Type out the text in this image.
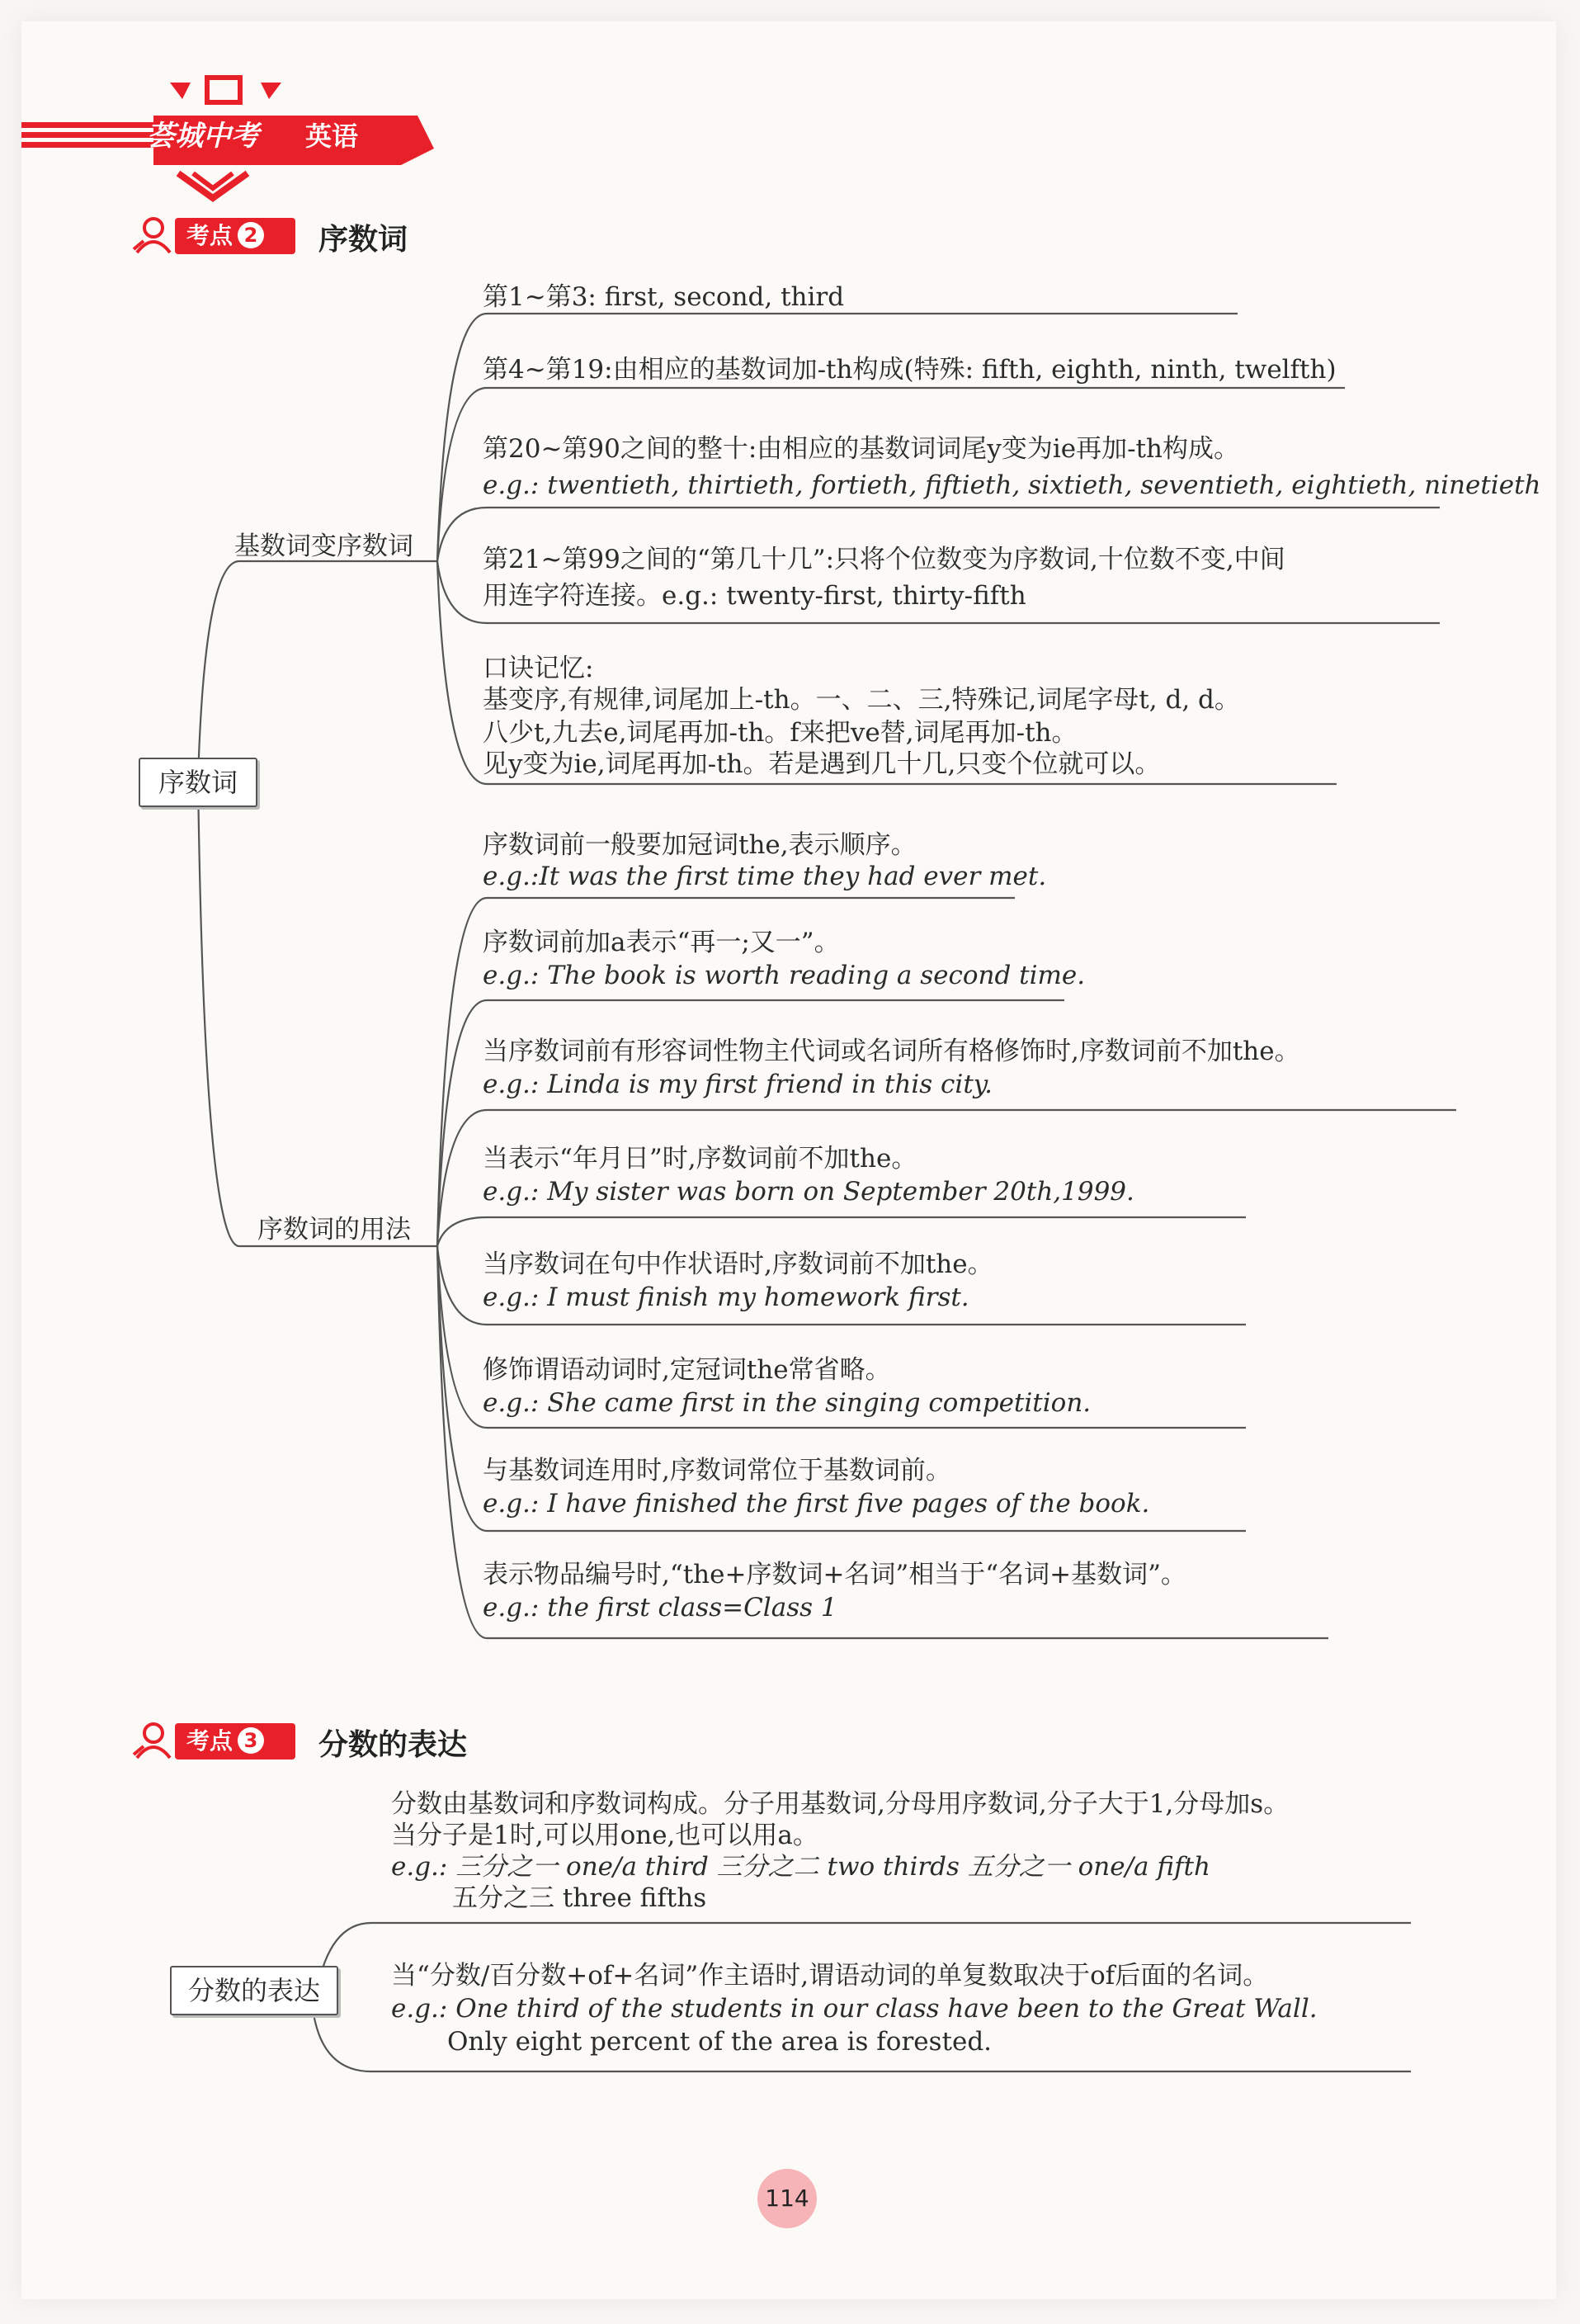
荟城中考	英语
考点 2	序数词
序数词
基数词变序数词
序数词的用法
第1~第3: first, second, third
第4~第19:由相应的基数词加-th构成(特殊: fifth, eighth, ninth, twelfth)
第20~第90之间的整十:由相应的基数词词尾y变为ie再加-th构成。
e.g.: twentieth, thirtieth, fortieth, fiftieth, sixtieth, seventieth, eightieth, ninetieth
第21~第99之间的“第几十几”:只将个位数变为序数词,十位数不变,中间
用连字符连接。e.g.: twenty-first, thirty-fifth
口诀记忆:
基变序,有规律,词尾加上-th。一、二、三,特殊记,词尾字母t, d, d。
八少t,九去e,词尾再加-th。f来把ve替,词尾再加-th。
见y变为ie,词尾再加-th。若是遇到几十几,只变个位就可以。
序数词前一般要加冠词the,表示顺序。
e.g.:It was the first time they had ever met.
序数词前加a表示“再一;又一”。
e.g.: The book is worth reading a second time.
当序数词前有形容词性物主代词或名词所有格修饰时,序数词前不加the。
e.g.: Linda is my first friend in this city.
当表示“年月日”时,序数词前不加the。
e.g.: My sister was born on September 20th,1999.
当序数词在句中作状语时,序数词前不加the。
e.g.: I must finish my homework first.
修饰谓语动词时,定冠词the常省略。
e.g.: She came first in the singing competition.
与基数词连用时,序数词常位于基数词前。
e.g.: I have finished the first five pages of the book.
表示物品编号时,“the+序数词+名词”相当于“名词+基数词”。
e.g.: the first class=Class 1
考点 3	分数的表达
分数的表达
分数由基数词和序数词构成。分子用基数词,分母用序数词,分子大于1,分母加s。
当分子是1时,可以用one,也可以用a。
e.g.: 三分之一 one/a third 三分之二 two thirds 五分之一 one/a fifth
五分之三 three fifths
当“分数/百分数+of+名词”作主语时,谓语动词的单复数取决于of后面的名词。
e.g.: One third of the students in our class have been to the Great Wall.
Only eight percent of the area is forested.
114
